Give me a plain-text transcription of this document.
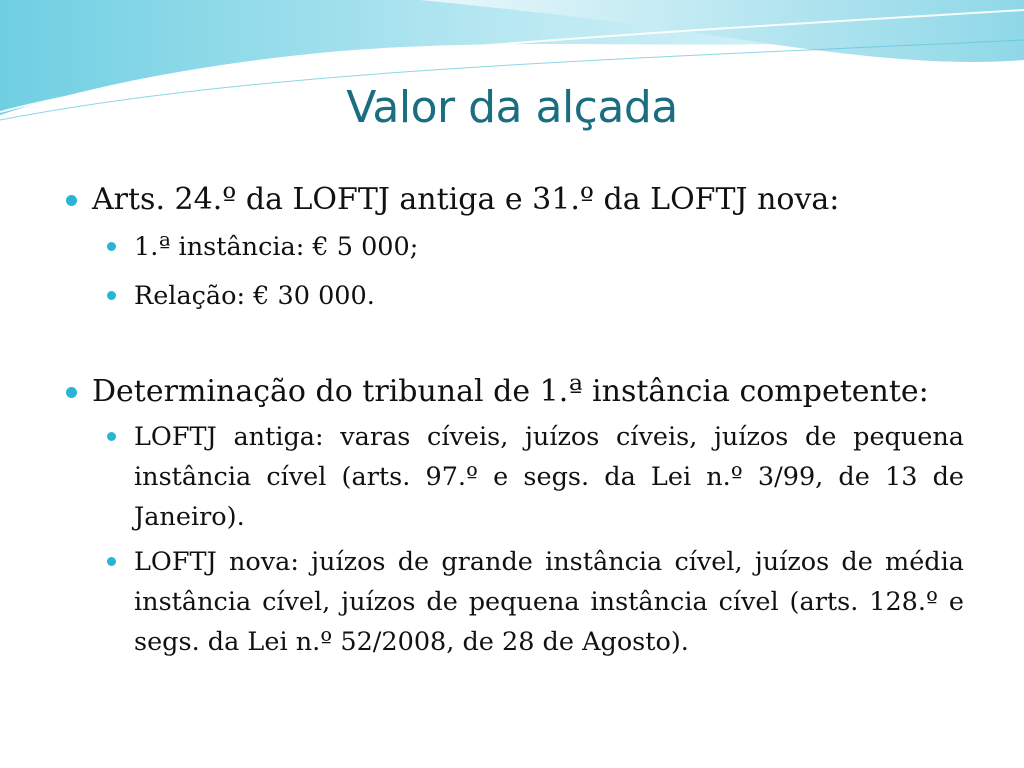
Valor da alçada

Arts. 24.º da LOFTJ antiga e 31.º da LOFTJ nova:

1.ª instância: € 5 000;

Relação: € 30 000.

Determinação do tribunal de 1.ª instância competente:

LOFTJ antiga: varas cíveis, juízos cíveis, juízos de pequena instância cível (arts. 97.º e segs. da Lei n.º 3/99, de 13 de Janeiro).

LOFTJ nova: juízos de grande instância cível, juízos de média instância cível, juízos de pequena instância cível (arts. 128.º e segs. da Lei n.º 52/2008, de 28 de Agosto).
